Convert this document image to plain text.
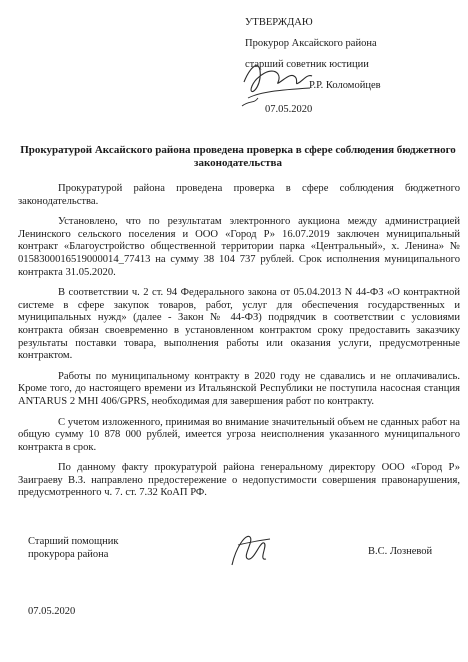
УТВЕРЖДАЮ
Прокурор Аксайского района
старший советник юстиции
Р.Р. Коломойцев
07.05.2020
Прокуратурой Аксайского района проведена проверка в сфере соблюдения бюджетного законодательства

Прокуратурой района проведена проверка в сфере соблюдения бюджетного законодательства.

Установлено, что по результатам электронного аукциона между администрацией Ленинского сельского поселения и ООО «Город Р» 16.07.2019 заключен муниципальный контракт «Благоустройство общественной территории парка «Центральный», х. Ленина» № 0158300016519000014_77413 на сумму 38 104 737 рублей. Срок исполнения муниципального контракта 31.05.2020.

В соответствии ч. 2 ст. 94 Федерального закона от 05.04.2013 N 44-ФЗ «О контрактной системе в сфере закупок товаров, работ, услуг для обеспечения государственных и муниципальных нужд» (далее - Закон № 44-ФЗ) подрядчик в соответствии с условиями контракта обязан своевременно в установленном контрактом сроку предоставить заказчику результаты поставки товара, выполнения работы или оказания услуги, предусмотренные контрактом.

Работы по муниципальному контракту в 2020 году не сдавались и не оплачивались. Кроме того, до настоящего времени из Итальянской Республики не поступила насосная станция ANTARUS 2 MHI 406/GPRS, необходимая для завершения работ по контракту.

С учетом изложенного, принимая во внимание значительный объем не сданных работ на общую сумму 10 878 000 рублей, имеется угроза неисполнения указанного муниципального контракта в срок.

По данному факту прокуратурой района генеральному директору ООО «Город Р» Заиграеву В.З. направлено предостережение о недопустимости совершения правонарушения, предусмотренного ч. 7. ст. 7.32 КоАП РФ.

Старший помощник
прокурора района	В.С. Лозневой
07.05.2020
